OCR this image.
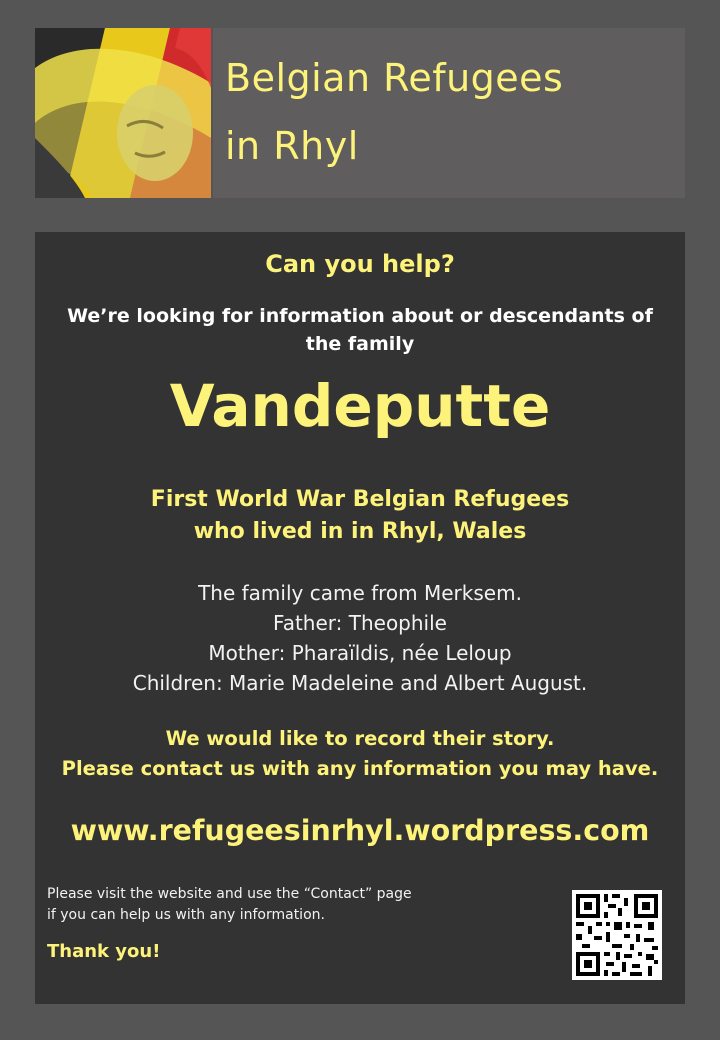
Belgian Refugees
in Rhyl

Can you help?

We’re looking for information about or descendants of
the family

Vandeputte

First World War Belgian Refugees
who lived in in Rhyl, Wales

The family came from Merksem.
Father: Theophile
Mother: Pharaïldis, née Leloup
Children: Marie Madeleine and Albert August.

We would like to record their story.
Please contact us with any information you may have.

www.refugeesinrhyl.wordpress.com

Please visit the website and use the “Contact” page
if you can help us with any information.

Thank you!
